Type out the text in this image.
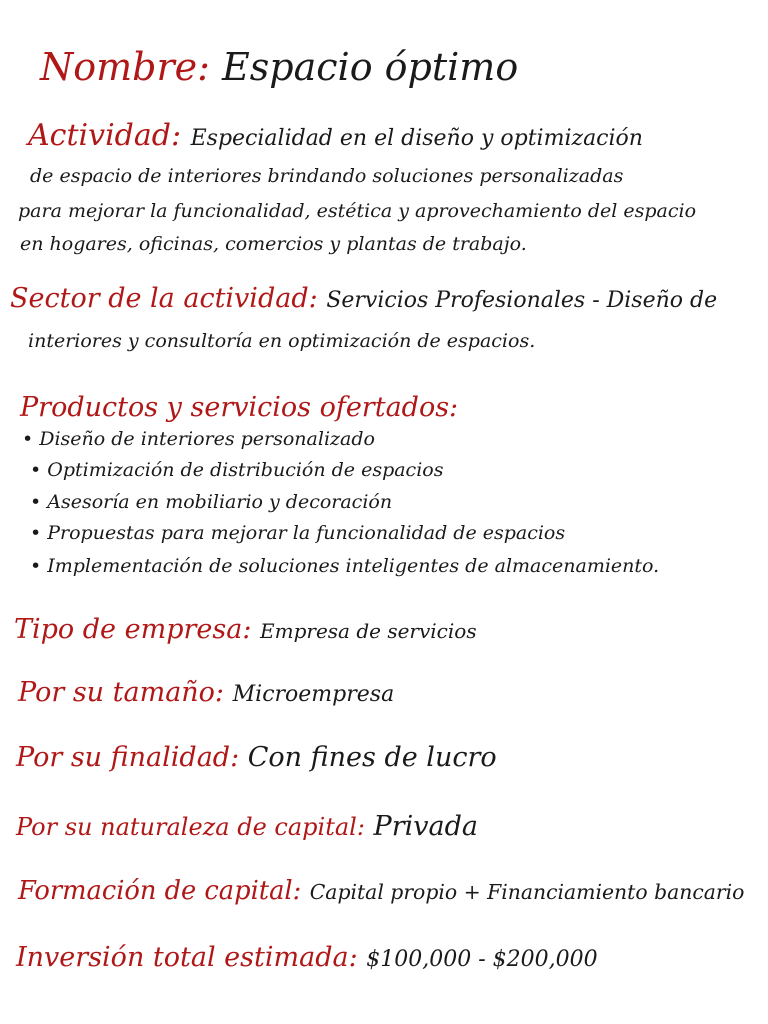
Nombre: Espacio óptimo
Actividad: Especialidad en el diseño y optimización
de espacio de interiores brindando soluciones personalizadas
para mejorar la funcionalidad, estética y aprovechamiento del espacio
en hogares, oficinas, comercios y plantas de trabajo.
Sector de la actividad: Servicios Profesionales - Diseño de
interiores y consultoría en optimización de espacios.
Productos y servicios ofertados:
• Diseño de interiores personalizado
• Optimización de distribución de espacios
• Asesoría en mobiliario y decoración
• Propuestas para mejorar la funcionalidad de espacios
• Implementación de soluciones inteligentes de almacenamiento.
Tipo de empresa: Empresa de servicios
Por su tamaño: Microempresa
Por su finalidad: Con fines de lucro
Por su naturaleza de capital: Privada
Formación de capital: Capital propio + Financiamiento bancario
Inversión total estimada: $100,000 - $200,000
